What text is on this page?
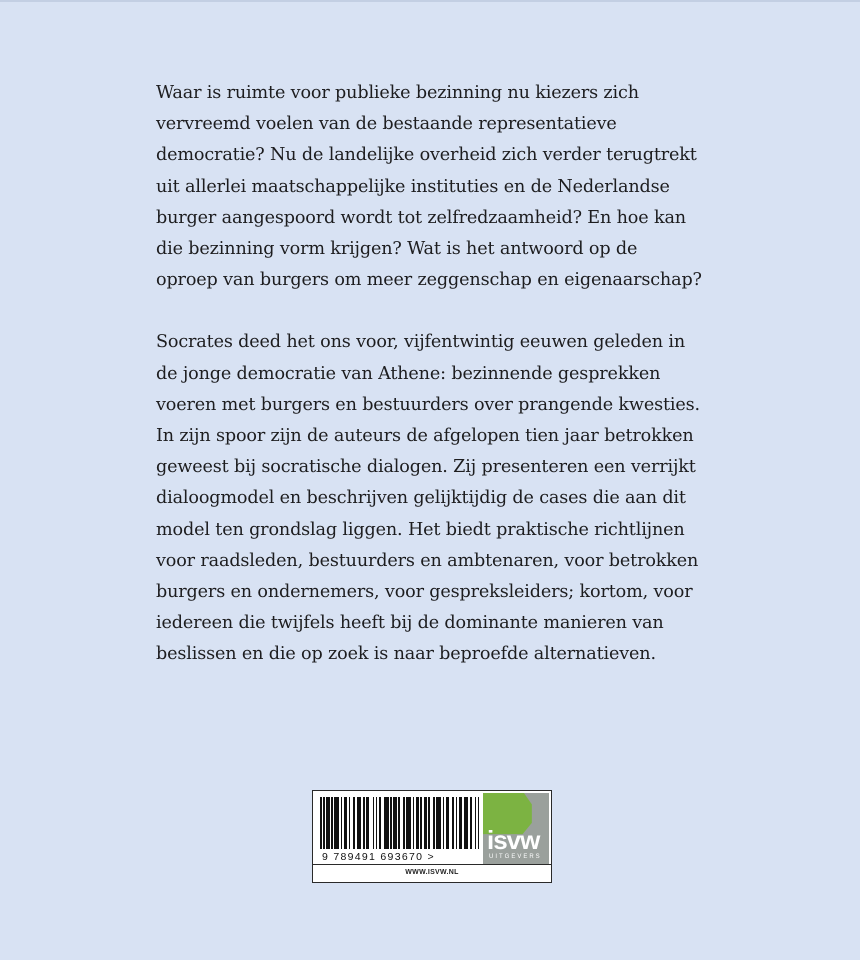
Waar is ruimte voor publieke bezinning nu kiezers zich
vervreemd voelen van de bestaande representatieve
democratie? Nu de landelijke overheid zich verder terugtrekt
uit allerlei maatschappelijke instituties en de Nederlandse
burger aangespoord wordt tot zelfredzaamheid? En hoe kan
die bezinning vorm krijgen? Wat is het antwoord op de
oproep van burgers om meer zeggenschap en eigenaarschap?
Socrates deed het ons voor, vijfentwintig eeuwen geleden in
de jonge democratie van Athene: bezinnende gesprekken
voeren met burgers en bestuurders over prangende kwesties.
In zijn spoor zijn de auteurs de afgelopen tien jaar betrokken
geweest bij socratische dialogen. Zij presenteren een verrijkt
dialoogmodel en beschrijven gelijktijdig de cases die aan dit
model ten grondslag liggen. Het biedt praktische richtlijnen
voor raadsleden, bestuurders en ambtenaren, voor betrokken
burgers en ondernemers, voor gespreksleiders; kortom, voor
iedereen die twijfels heeft bij de dominante manieren van
beslissen en die op zoek is naar beproefde alternatieven.
9 789491 693670 >
isvw
UITGEVERS
WWW.ISVW.NL
